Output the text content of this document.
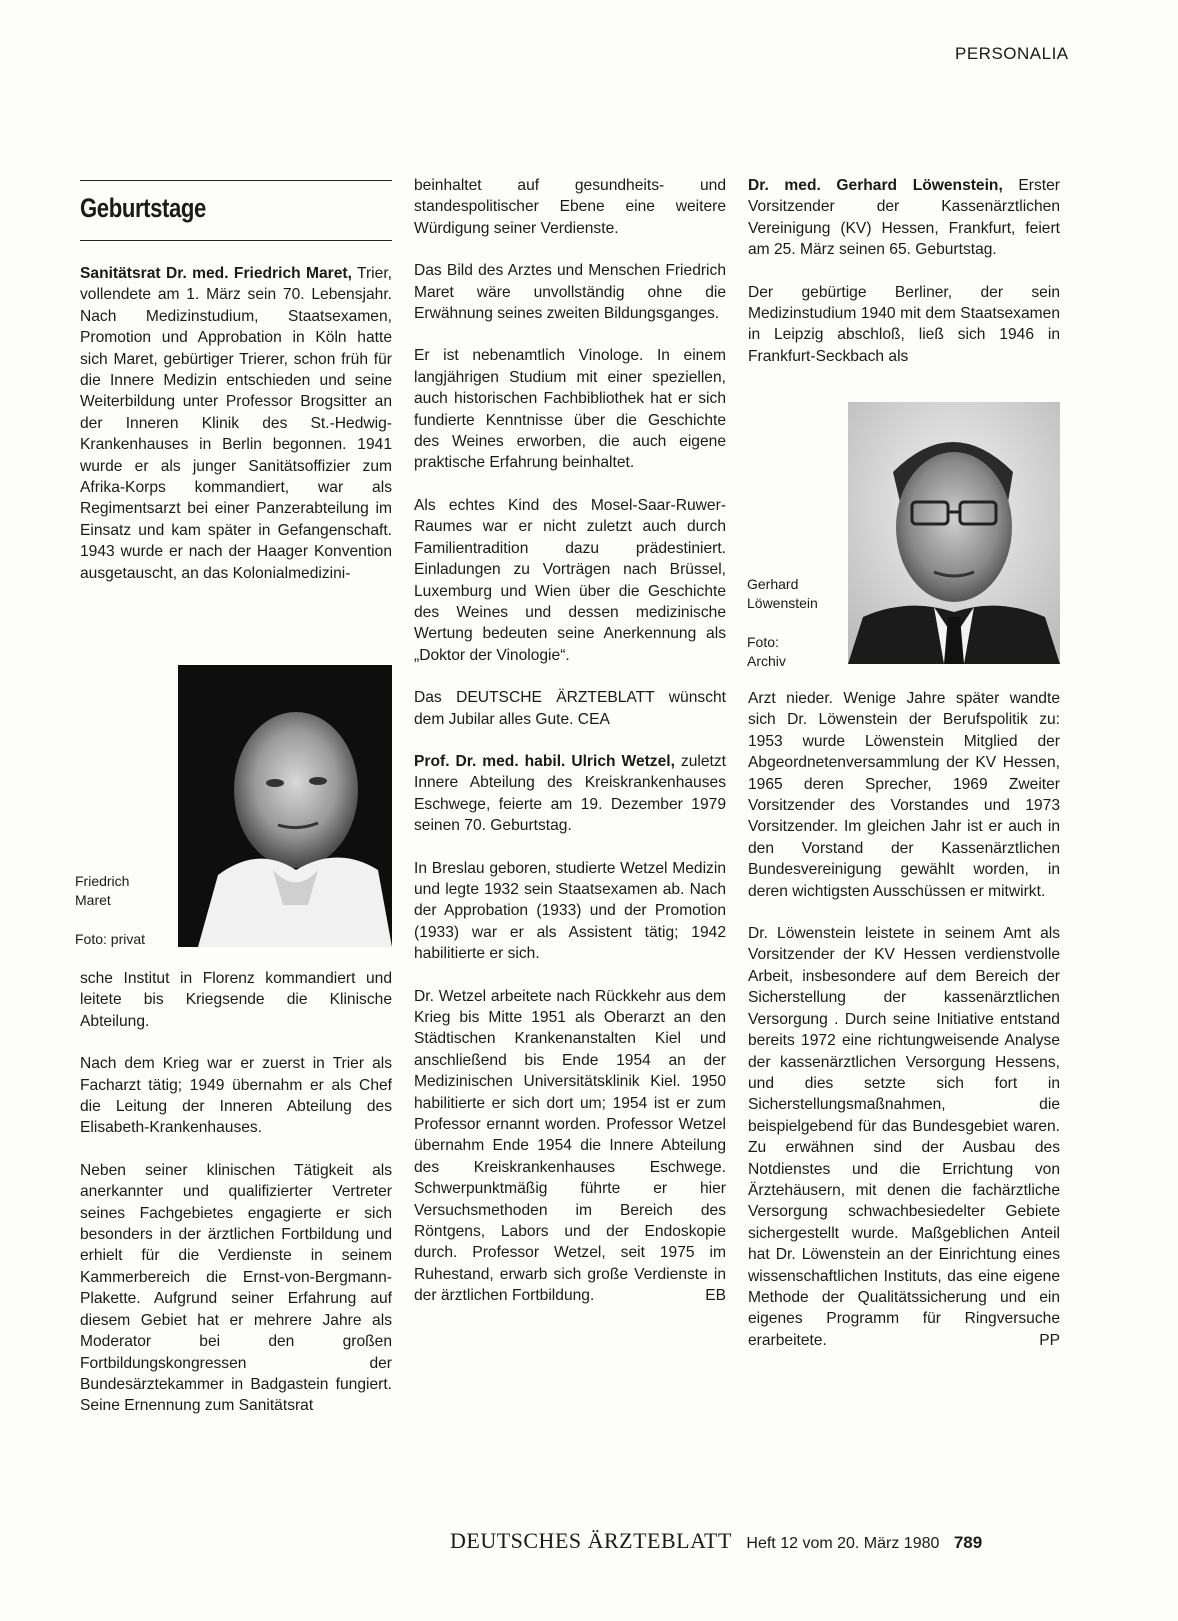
PERSONALIA
Geburtstage

Sanitätsrat Dr. med. Friedrich Maret, Trier, vollendete am 1. März sein 70. Lebensjahr. Nach Medizinstudium, Staatsexamen, Promotion und Approbation in Köln hatte sich Maret, gebürtiger Trierer, schon früh für die Innere Medizin entschieden und seine Weiterbildung unter Professor Brogsitter an der Inneren Klinik des St.-Hedwig-Krankenhauses in Berlin begonnen. 1941 wurde er als junger Sanitätsoffizier zum Afrika-Korps kommandiert, war als Regimentsarzt bei einer Panzerabteilung im Einsatz und kam später in Gefangenschaft. 1943 wurde er nach der Haager Konvention ausgetauscht, an das Kolonialmedizini-

Friedrich
Maret
Foto: privat

sche Institut in Florenz kommandiert und leitete bis Kriegsende die Klinische Abteilung.

Nach dem Krieg war er zuerst in Trier als Facharzt tätig; 1949 übernahm er als Chef die Leitung der Inneren Abteilung des Elisabeth-Krankenhauses.

Neben seiner klinischen Tätigkeit als anerkannter und qualifizierter Vertreter seines Fachgebietes engagierte er sich besonders in der ärztlichen Fortbildung und erhielt für die Verdienste in seinem Kammerbereich die Ernst-von-Bergmann-Plakette. Aufgrund seiner Erfahrung auf diesem Gebiet hat er mehrere Jahre als Moderator bei den großen Fortbildungskongressen der Bundesärztekammer in Badgastein fungiert. Seine Ernennung zum Sanitätsrat

beinhaltet auf gesundheits- und standespolitischer Ebene eine weitere Würdigung seiner Verdienste.

Das Bild des Arztes und Menschen Friedrich Maret wäre unvollständig ohne die Erwähnung seines zweiten Bildungsganges.

Er ist nebenamtlich Vinologe. In einem langjährigen Studium mit einer speziellen, auch historischen Fachbibliothek hat er sich fundierte Kenntnisse über die Geschichte des Weines erworben, die auch eigene praktische Erfahrung beinhaltet.

Als echtes Kind des Mosel-Saar-Ruwer-Raumes war er nicht zuletzt auch durch Familientradition dazu prädestiniert. Einladungen zu Vorträgen nach Brüssel, Luxemburg und Wien über die Geschichte des Weines und dessen medizinische Wertung bedeuten seine Anerkennung als „Doktor der Vinologie“.

Das DEUTSCHE ÄRZTEBLATT wünscht dem Jubilar alles Gute. CEA

Prof. Dr. med. habil. Ulrich Wetzel, zuletzt Innere Abteilung des Kreiskrankenhauses Eschwege, feierte am 19. Dezember 1979 seinen 70. Geburtstag.

In Breslau geboren, studierte Wetzel Medizin und legte 1932 sein Staatsexamen ab. Nach der Approbation (1933) und der Promotion (1933) war er als Assistent tätig; 1942 habilitierte er sich.

Dr. Wetzel arbeitete nach Rückkehr aus dem Krieg bis Mitte 1951 als Oberarzt an den Städtischen Krankenanstalten Kiel und anschließend bis Ende 1954 an der Medizinischen Universitätsklinik Kiel. 1950 habilitierte er sich dort um; 1954 ist er zum Professor ernannt worden. Professor Wetzel übernahm Ende 1954 die Innere Abteilung des Kreiskrankenhauses Eschwege. Schwerpunktmäßig führte er hier Versuchsmethoden im Bereich des Röntgens, Labors und der Endoskopie durch. Professor Wetzel, seit 1975 im Ruhestand, erwarb sich große Verdienste in der ärztlichen Fortbildung.	EB

Dr. med. Gerhard Löwenstein, Erster Vorsitzender der Kassenärztlichen Vereinigung (KV) Hessen, Frankfurt, feiert am 25. März seinen 65. Geburtstag.

Der gebürtige Berliner, der sein Medizinstudium 1940 mit dem Staatsexamen in Leipzig abschloß, ließ sich 1946 in Frankfurt-Seckbach als

Gerhard
Löwenstein
Foto:
Archiv

Arzt nieder. Wenige Jahre später wandte sich Dr. Löwenstein der Berufspolitik zu: 1953 wurde Löwenstein Mitglied der Abgeordnetenversammlung der KV Hessen, 1965 deren Sprecher, 1969 Zweiter Vorsitzender des Vorstandes und 1973 Vorsitzender. Im gleichen Jahr ist er auch in den Vorstand der Kassenärztlichen Bundesvereinigung gewählt worden, in deren wichtigsten Ausschüssen er mitwirkt.

Dr. Löwenstein leistete in seinem Amt als Vorsitzender der KV Hessen verdienstvolle Arbeit, insbesondere auf dem Bereich der Sicherstellung der kassenärztlichen Versorgung . Durch seine Initiative entstand bereits 1972 eine richtungweisende Analyse der kassenärztlichen Versorgung Hessens, und dies setzte sich fort in Sicherstellungsmaßnahmen, die beispielgebend für das Bundesgebiet waren. Zu erwähnen sind der Ausbau des Notdienstes und die Errichtung von Ärztehäusern, mit denen die fachärztliche Versorgung schwachbesiedelter Gebiete sichergestellt wurde. Maßgeblichen Anteil hat Dr. Löwenstein an der Einrichtung eines wissenschaftlichen Instituts, das eine eigene Methode der Qualitätssicherung und ein eigenes Programm für Ringversuche erarbeitete.	PP

DEUTSCHES ÄRZTEBLATT Heft 12 vom 20. März 1980 789
